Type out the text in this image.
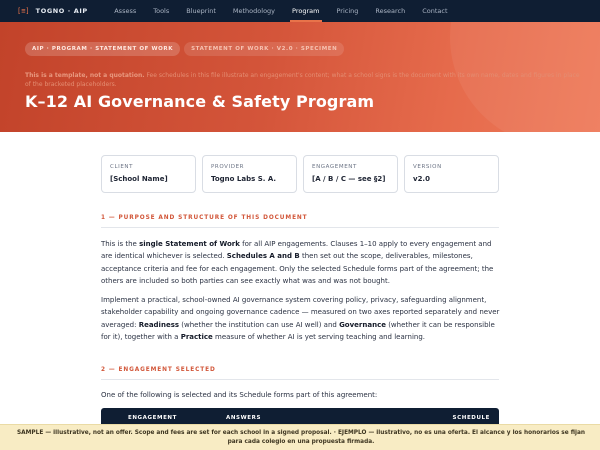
[≡] TOGNO · AIP	Assess	Tools	Blueprint	Methodology	Program	Pricing	Research	Contact
AIP · PROGRAM · STATEMENT OF WORK	STATEMENT OF WORK · V2.0 · SPECIMEN
This is a template, not a quotation. Fee schedules in this file illustrate an engagement's content; what a school signs is the document with its own name, dates and figures in place of the bracketed placeholders.
K–12 AI Governance & Safety Program
CLIENT
[School Name]
PROVIDER
Togno Labs S. A.
ENGAGEMENT
[A / B / C — see §2]
VERSION
v2.0
1 — PURPOSE AND STRUCTURE OF THIS DOCUMENT

This is the single Statement of Work for all AIP engagements. Clauses 1–10 apply to every engagement and are identical whichever is selected. Schedules A and B then set out the scope, deliverables, milestones, acceptance criteria and fee for each engagement. Only the selected Schedule forms part of the agreement; the others are included so both parties can see exactly what was and was not bought.

Implement a practical, school-owned AI governance system covering policy, privacy, safeguarding alignment, stakeholder capability and ongoing governance cadence — measured on two axes reported separately and never averaged: Readiness (whether the institution can use AI well) and Governance (whether it can be responsible for it), together with a Practice measure of whether AI is yet serving teaching and learning.

2 — ENGAGEMENT SELECTED

One of the following is selected and its Schedule forms part of this agreement:

ENGAGEMENT	ANSWERS	SCHEDULE
SAMPLE — illustrative, not an offer. Scope and fees are set for each school in a signed proposal. · EJEMPLO — ilustrativo, no es una oferta. El alcance y los honorarios se fijan para cada colegio en una propuesta firmada.
